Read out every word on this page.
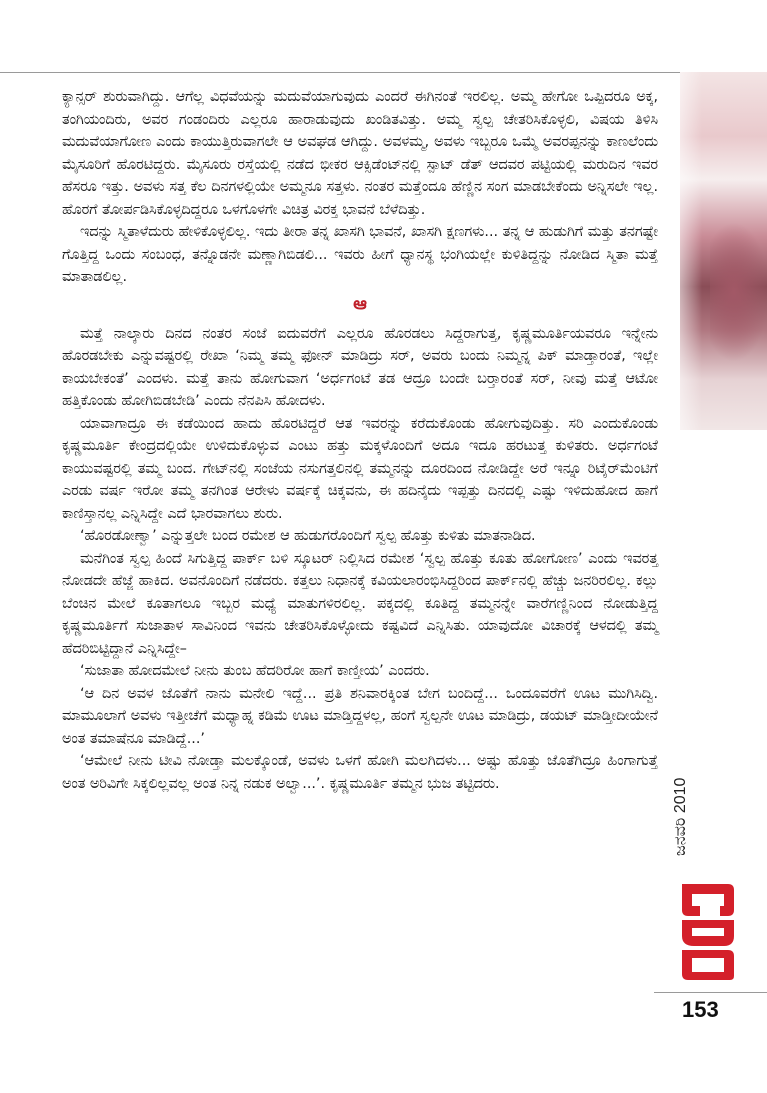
ಕ್ಯಾನ್ಸರ್ ಶುರುವಾಗಿದ್ದು. ಆಗೆಲ್ಲ ವಿಧವೆಯನ್ನು ಮದುವೆಯಾಗುವುದು ಎಂದರೆ ಈಗಿನಂತೆ ಇರಲಿಲ್ಲ. ಅಮ್ಮ ಹೇಗೋ ಒಪ್ಪಿದರೂ ಅಕ್ಕ, ತಂಗಿಯಂದಿರು, ಅವರ ಗಂಡಂದಿರು ಎಲ್ಲರೂ ಹಾರಾಡುವುದು ಖಂಡಿತವಿತ್ತು. ಅಮ್ಮ ಸ್ವಲ್ಪ ಚೇತರಿಸಿಕೊಳ್ಳಲಿ, ವಿಷಯ ತಿಳಿಸಿ ಮದುವೆಯಾಗೋಣ ಎಂದು ಕಾಯುತ್ತಿರುವಾಗಲೇ ಆ ಅವಘಡ ಆಗಿದ್ದು. ಅವಳಮ್ಮ, ಅವಳು ಇಬ್ಬರೂ ಒಮ್ಮೆ ಅವರಪ್ಪನನ್ನು ಕಾಣಲೆಂದು ಮೈಸೂರಿಗೆ ಹೊರಟಿದ್ದರು. ಮೈಸೂರು ರಸ್ತೆಯಲ್ಲಿ ನಡೆದ ಭೀಕರ ಆಕ್ಸಿಡೆಂಟ್‌ನಲ್ಲಿ ಸ್ಪಾಟ್ ಡೆತ್ ಆದವರ ಪಟ್ಟಿಯಲ್ಲಿ ಮರುದಿನ ಇವರ ಹೆಸರೂ ಇತ್ತು. ಅವಳು ಸತ್ತ ಕೆಲ ದಿನಗಳಲ್ಲಿಯೇ ಅಮ್ಮನೂ ಸತ್ತಳು. ನಂತರ ಮತ್ತೆಂದೂ ಹೆಣ್ಣಿನ ಸಂಗ ಮಾಡಬೇಕೆಂದು ಅನ್ನಿಸಲೇ ಇಲ್ಲ. ಹೊರಗೆ ತೋರ್ಪಡಿಸಿಕೊಳ್ಳದಿದ್ದರೂ ಒಳಗೊಳಗೇ ವಿಚಿತ್ರ ವಿರಕ್ತ ಭಾವನೆ ಬೆಳೆದಿತ್ತು.

ಇದನ್ನು ಸ್ಮಿತಾಳೆದುರು ಹೇಳಿಕೊಳ್ಳಲಿಲ್ಲ. ಇದು ತೀರಾ ತನ್ನ ಖಾಸಗಿ ಭಾವನೆ, ಖಾಸಗಿ ಕ್ಷಣಗಳು... ತನ್ನ ಆ ಹುಡುಗಿಗೆ ಮತ್ತು ತನಗಷ್ಟೇ ಗೊತ್ತಿದ್ದ ಒಂದು ಸಂಬಂಧ, ತನ್ನೊಡನೇ ಮಣ್ಣಾಗಿಬಿಡಲಿ... ಇವರು ಹೀಗೆ ಧ್ಯಾನಸ್ಥ ಭಂಗಿಯಲ್ಲೇ ಕುಳಿತಿದ್ದನ್ನು ನೋಡಿದ ಸ್ಮಿತಾ ಮತ್ತೆ ಮಾತಾಡಲಿಲ್ಲ.

ఆ

ಮತ್ತೆ ನಾಲ್ಕಾರು ದಿನದ ನಂತರ ಸಂಜೆ ಐದುವರೆಗೆ ಎಲ್ಲರೂ ಹೊರಡಲು ಸಿದ್ದರಾಗುತ್ತ, ಕೃಷ್ಣಮೂರ್ತಿಯವರೂ ಇನ್ನೇನು ಹೊರಡಬೇಕು ಎನ್ನುವಷ್ಟರಲ್ಲಿ ರೇಖಾ ‘ನಿಮ್ಮ ತಮ್ಮ ಫೋನ್ ಮಾಡಿದ್ರು ಸರ್, ಅವರು ಬಂದು ನಿಮ್ಮನ್ನ ಪಿಕ್ ಮಾಡ್ತಾರಂತೆ, ಇಲ್ಲೇ ಕಾಯಬೇಕಂತೆ’ ಎಂದಳು. ಮತ್ತೆ ತಾನು ಹೋಗುವಾಗ ‘ಅರ್ಧಗಂಟೆ ತಡ ಆದ್ರೂ ಬಂದೇ ಬರ್‍ತಾರಂತೆ ಸರ್, ನೀವು ಮತ್ತೆ ಆಟೋ ಹತ್ತಿಕೊಂಡು ಹೋಗಿಬಿಡಬೇಡಿ’ ಎಂದು ನೆನಪಿಸಿ ಹೋದಳು.

ಯಾವಾಗಾದ್ರೂ ಈ ಕಡೆಯಿಂದ ಹಾದು ಹೊರಟಿದ್ದರೆ ಆತ ಇವರನ್ನು ಕರೆದುಕೊಂಡು ಹೋಗುವುದಿತ್ತು. ಸರಿ ಎಂದುಕೊಂಡು ಕೃಷ್ಣಮೂರ್ತಿ ಕೇಂದ್ರದಲ್ಲಿಯೇ ಉಳಿದುಕೊಳ್ಳುವ ಎಂಟು ಹತ್ತು ಮಕ್ಕಳೊಂದಿಗೆ ಅದೂ ಇದೂ ಹರಟುತ್ತ ಕುಳಿತರು. ಅರ್ಧಗಂಟೆ ಕಾಯುವಷ್ಟರಲ್ಲಿ ತಮ್ಮ ಬಂದ. ಗೇಟ್‌ನಲ್ಲಿ ಸಂಜೆಯ ನಸುಗತ್ತಲಿನಲ್ಲಿ ತಮ್ಮನನ್ನು ದೂರದಿಂದ ನೋಡಿದ್ದೇ ಅರೆ ಇನ್ನೂ ರಿಟೈರ್‌ಮೆಂಟಿಗೆ ಎರಡು ವರ್ಷ ಇರೋ ತಮ್ಮ ತನಗಿಂತ ಆರೇಳು ವರ್ಷಕ್ಕೆ ಚಿಕ್ಕವನು, ಈ ಹದಿನೈದು ಇಪ್ಪತ್ತು ದಿನದಲ್ಲಿ ಎಷ್ಟು ಇಳಿದುಹೋದ ಹಾಗೆ ಕಾಣಿಸ್ತಾನಲ್ಲ ಎನ್ನಿಸಿದ್ದೇ ಎದೆ ಭಾರವಾಗಲು ಶುರು.

‘ಹೊರಡೋಣ್ವಾ’ ಎನ್ನುತ್ತಲೇ ಬಂದ ರಮೇಶ ಆ ಹುಡುಗರೊಂದಿಗೆ ಸ್ವಲ್ಪ ಹೊತ್ತು ಕುಳಿತು ಮಾತನಾಡಿದ.

ಮನೆಗಿಂತ ಸ್ವಲ್ಪ ಹಿಂದೆ ಸಿಗುತ್ತಿದ್ದ ಪಾರ್ಕ್ ಬಳಿ ಸ್ಕೂಟರ್ ನಿಲ್ಲಿಸಿದ ರಮೇಶ ‘ಸ್ವಲ್ಪ ಹೊತ್ತು ಕೂತು ಹೋಗೋಣ’ ಎಂದು ಇವರತ್ತ ನೋಡದೇ ಹೆಜ್ಜೆ ಹಾಕಿದ. ಅವನೊಂದಿಗೆ ನಡೆದರು. ಕತ್ತಲು ನಿಧಾನಕ್ಕೆ ಕವಿಯಲಾರಂಭಿಸಿದ್ದರಿಂದ ಪಾರ್ಕ್‌ನಲ್ಲಿ ಹೆಚ್ಚು ಜನರಿರಲಿಲ್ಲ. ಕಲ್ಲು ಬೆಂಚಿನ ಮೇಲೆ ಕೂತಾಗಲೂ ಇಬ್ಬರ ಮಧ್ಯೆ ಮಾತುಗಳಿರಲಿಲ್ಲ. ಪಕ್ಕದಲ್ಲಿ ಕೂತಿದ್ದ ತಮ್ಮನನ್ನೇ ವಾರೆಗಣ್ಣಿನಿಂದ ನೋಡುತ್ತಿದ್ದ ಕೃಷ್ಣಮೂರ್ತಿಗೆ ಸುಜಾತಾಳ ಸಾವಿನಿಂದ ಇವನು ಚೇತರಿಸಿಕೊಳ್ಳೋದು ಕಷ್ಟವಿದೆ ಎನ್ನಿಸಿತು. ಯಾವುದೋ ವಿಚಾರಕ್ಕೆ ಆಳದಲ್ಲಿ ತಮ್ಮ ಹೆದರಿಬಿಟ್ಟಿದ್ದಾನೆ ಎನ್ನಿಸಿದ್ದೇ–

‘ಸುಜಾತಾ ಹೋದಮೇಲೆ ನೀನು ತುಂಬ ಹೆದರಿರೋ ಹಾಗೆ ಕಾಣ್ತೀಯ’ ಎಂದರು.

‘ಆ ದಿನ ಅವಳ ಜೊತೆಗೆ ನಾನು ಮನೇಲಿ ಇದ್ದೆ... ಪ್ರತಿ ಶನಿವಾರಕ್ಕಿಂತ ಬೇಗ ಬಂದಿದ್ದೆ... ಒಂದೂವರೆಗೆ ಊಟ ಮುಗಿಸಿದ್ವಿ. ಮಾಮೂಲಾಗೆ ಅವಳು ಇತ್ತೀಚೆಗೆ ಮಧ್ಯಾಹ್ನ ಕಡಿಮೆ ಊಟ ಮಾಡ್ತಿದ್ದಳಲ್ಲ, ಹಂಗೆ ಸ್ವಲ್ಪನೇ ಊಟ ಮಾಡಿದ್ರು, ಡಯಟ್ ಮಾಡ್ತೀದೀಯೇನೆ ಅಂತ ತಮಾಷೆನೂ ಮಾಡಿದ್ದೆ...’

‘ಆಮೇಲೆ ನೀನು ಟೀವಿ ನೋಡ್ತಾ ಮಲಕ್ಕೊಂಡೆ, ಅವಳು ಒಳಗೆ ಹೋಗಿ ಮಲಗಿದಳು... ಅಷ್ಟು ಹೊತ್ತು ಜೊತೆಗಿದ್ರೂ ಹಿಂಗಾಗುತ್ತೆ ಅಂತ ಅರಿವಿಗೇ ಸಿಕ್ಕಲಿಲ್ಲವಲ್ಲ ಅಂತ ನಿನ್ನ ನಡುಕ ಅಲ್ವಾ...’. ಕೃಷ್ಣಮೂರ್ತಿ ತಮ್ಮನ ಭುಜ ತಟ್ಟಿದರು.	ಜನವರಿ 2010
153
